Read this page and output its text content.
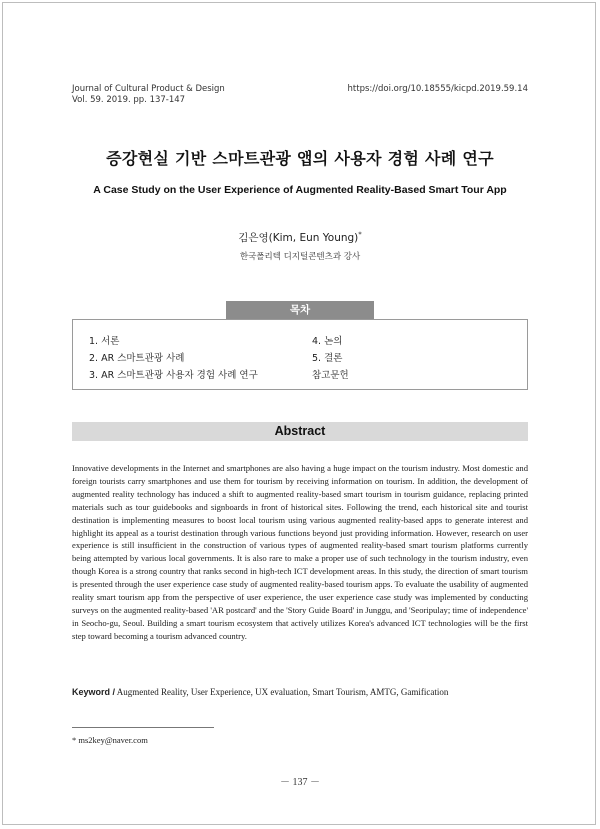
Journal of Cultural Product & Design
Vol. 59. 2019. pp. 137-147
https://doi.org/10.18555/kicpd.2019.59.14
증강현실 기반 스마트관광 앱의 사용자 경험 사례 연구
A Case Study on the User Experience of Augmented Reality-Based Smart Tour App
김은영(Kim, Eun Young)*
한국폴리텍 디지털콘텐츠과 강사
목차
1. 서론
2. AR 스마트관광 사례
3. AR 스마트관광 사용자 경험 사례 연구
4. 논의
5. 결론
참고문헌
Abstract
Innovative developments in the Internet and smartphones are also having a huge impact on the tourism industry. Most domestic and foreign tourists carry smartphones and use them for tourism by receiving information on tourism. In addition, the development of augmented reality technology has induced a shift to augmented reality-based smart tourism in tourism guidance, replacing printed materials such as tour guidebooks and signboards in front of historical sites. Following the trend, each historical site and tourist destination is implementing measures to boost local tourism using various augmented reality-based apps to generate interest and highlight its appeal as a tourist destination through various functions beyond just providing information. However, research on user experience is still insufficient in the construction of various types of augmented reality-based smart tourism platforms currently being attempted by various local governments. It is also rare to make a proper use of such technology in the tourism industry, even though Korea is a strong country that ranks second in high-tech ICT development areas. In this study, the direction of smart tourism is presented through the user experience case study of augmented reality-based tourism apps. To evaluate the usability of augmented reality smart tourism app from the perspective of user experience, the user experience case study was implemented by conducting surveys on the augmented reality-based 'AR postcard' and the 'Story Guide Board' in Junggu, and 'Seoripulay; time of independence' in Seocho-gu, Seoul. Building a smart tourism ecosystem that actively utilizes Korea's advanced ICT technologies will be the first step toward becoming a tourism advanced country.
Keyword / Augmented Reality, User Experience, UX evaluation, Smart Tourism, AMTG, Gamification
* ms2key@naver.com
－ 137 －
